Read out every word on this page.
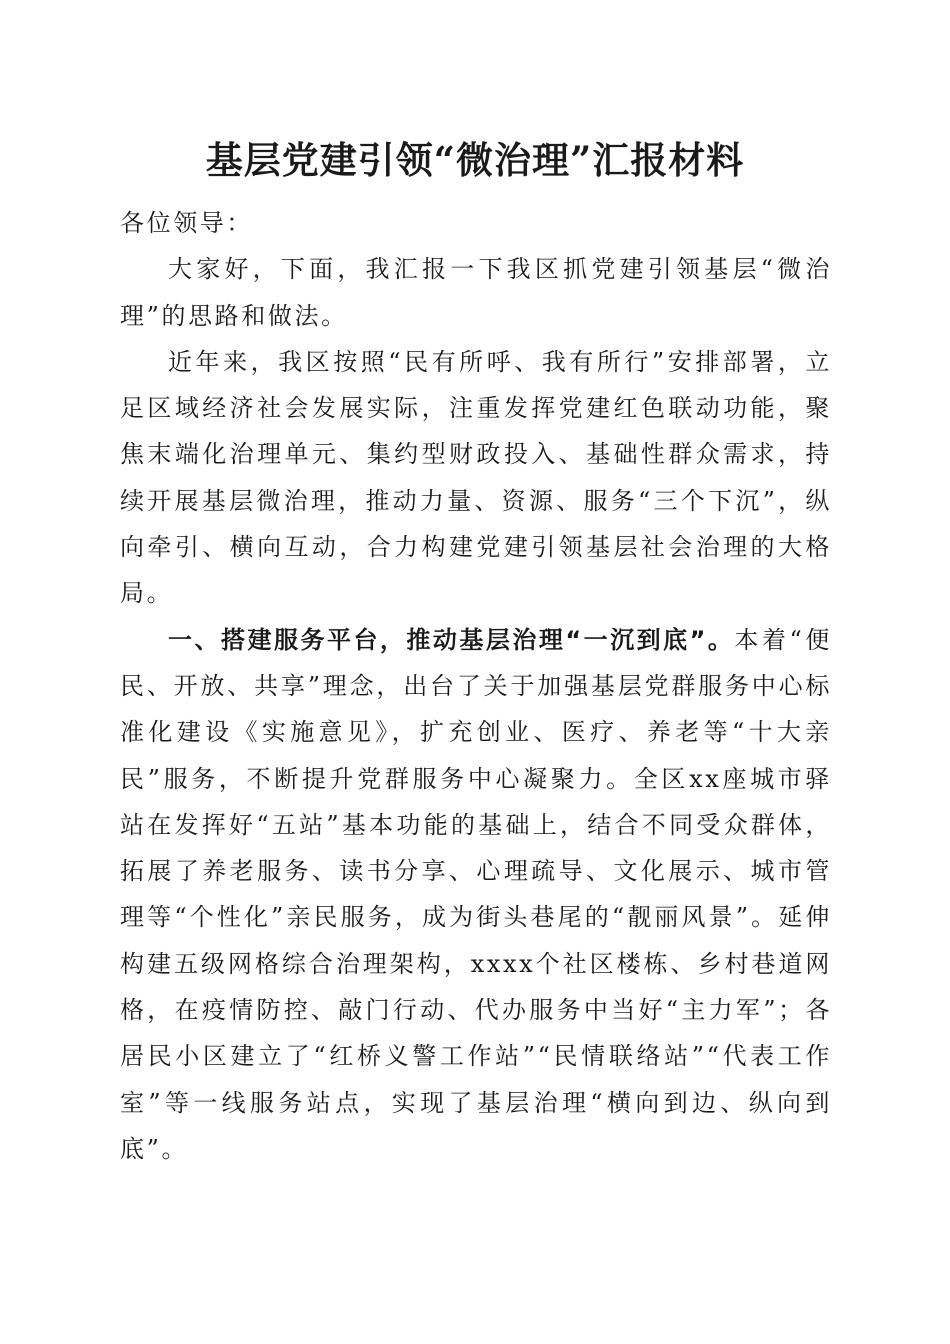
基层党建引领“微治理”汇报材料

各位领导：

大家好，下面，我汇报一下我区抓党建引领基层“微治理”的思路和做法。

近年来，我区按照“民有所呼、我有所行”安排部署，立足区域经济社会发展实际，注重发挥党建红色联动功能，聚焦末端化治理单元、集约型财政投入、基础性群众需求，持续开展基层微治理，推动力量、资源、服务“三个下沉”，纵向牵引、横向互动，合力构建党建引领基层社会治理的大格局。

一、搭建服务平台，推动基层治理“一沉到底”。本着“便民、开放、共享”理念，出台了关于加强基层党群服务中心标准化建设《实施意见》，扩充创业、医疗、养老等“十大亲民”服务，不断提升党群服务中心凝聚力。全区xx座城市驿站在发挥好“五站”基本功能的基础上，结合不同受众群体，拓展了养老服务、读书分享、心理疏导、文化展示、城市管理等“个性化”亲民服务，成为街头巷尾的“靓丽风景”。延伸构建五级网格综合治理架构，xxxx个社区楼栋、乡村巷道网格，在疫情防控、敲门行动、代办服务中当好“主力军”；各居民小区建立了“红桥义警工作站”“民情联络站”“代表工作室”等一线服务站点，实现了基层治理“横向到边、纵向到底”。
